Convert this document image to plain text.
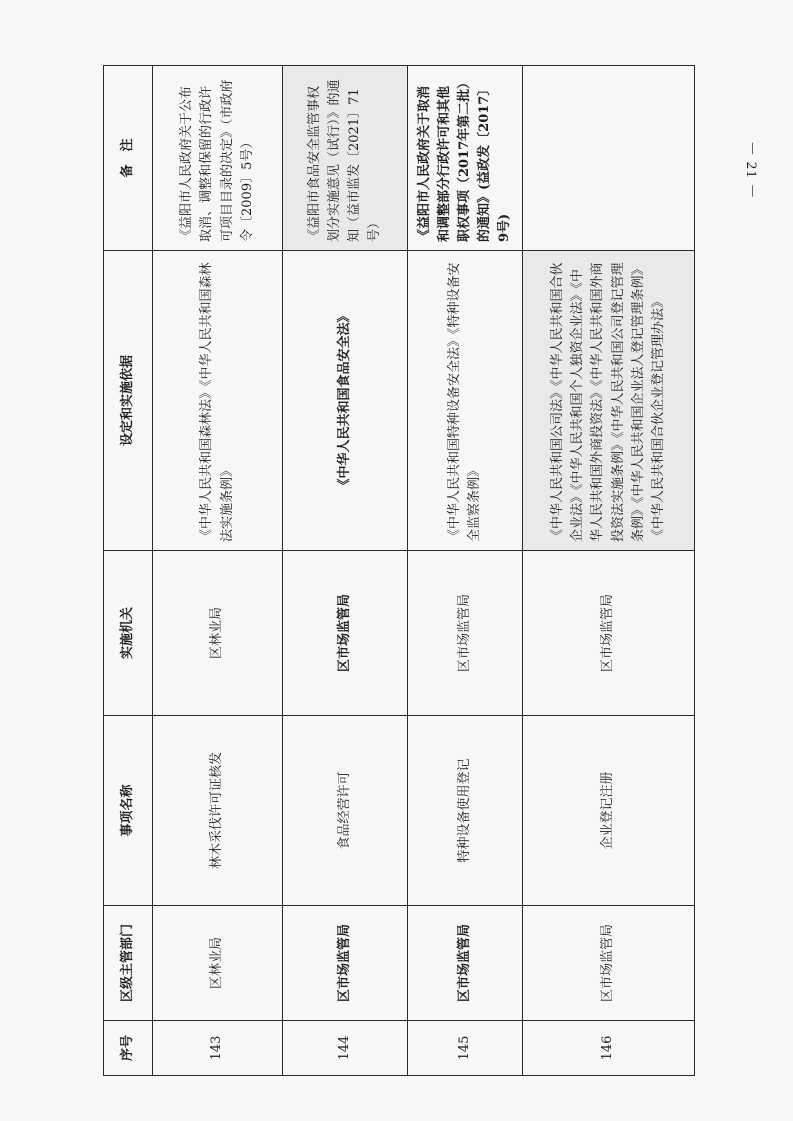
－ 21 －
序号	区级主管部门	事项名称	实施机关	设定和实施依据	备　注
143	区林业局	林木采伐许可证核发	区林业局	《中华人民共和国森林法》《中华人民共和国森林法实施条例》	《益阳市人民政府关于公布取消、调整和保留的行政许可项目目录的决定》（市政府令〔2009〕5号）
144	区市场监管局	食品经营许可	区市场监管局	《中华人民共和国食品安全法》	《益阳市食品安全监管事权划分实施意见（试行）》的通知（益市监发〔2021〕71号）
145	区市场监管局	特种设备使用登记	区市场监管局	《中华人民共和国特种设备安全法》《特种设备安全监察条例》	《益阳市人民政府关于取消和调整部分行政许可和其他职权事项（2017年第二批）的通知》(益政发〔2017〕9号)
146	区市场监管局	企业登记注册	区市场监管局	《中华人民共和国公司法》《中华人民共和国合伙企业法》《中华人民共和国个人独资企业法》《中华人民共和国外商投资法》《中华人民共和国外商投资法实施条例》《中华人民共和国公司登记管理条例》《中华人民共和国企业法人登记管理条例》《中华人民共和国合伙企业登记管理办法》	
